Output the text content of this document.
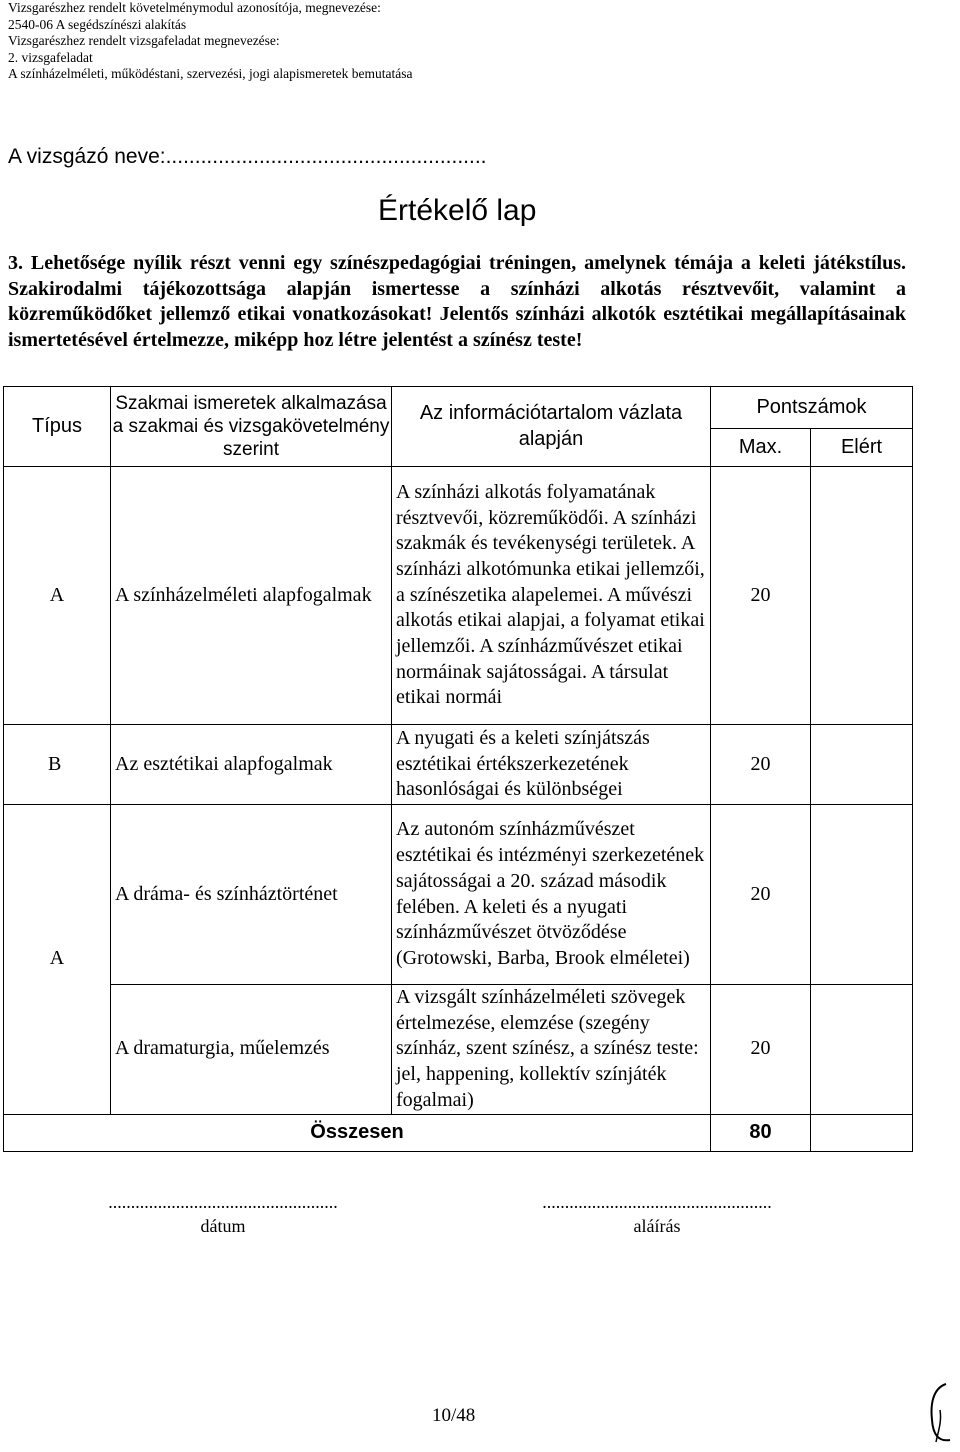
Vizsgarészhez rendelt követelménymodul azonosítója, megnevezése:
2540-06 A segédszínészi alakítás
Vizsgarészhez rendelt vizsgafeladat megnevezése:
2. vizsgafeladat
A színházelméleti, működéstani, szervezési, jogi alapismeretek bemutatása
A vizsgázó neve:.......................................................
Értékelő lap
3. Lehetősége nyílik részt venni egy színészpedagógiai tréningen, amelynek témája a keleti játékstílus. Szakirodalmi tájékozottsága alapján ismertesse a színházi alkotás résztvevőit, valamint a közreműködőket jellemző etikai vonatkozásokat! Jelentős színházi alkotók esztétikai megállapításainak ismertetésével értelmezze, miképp hoz létre jelentést a színész teste!
Típus	Szakmai ismeretek alkalmazása a szakmai és vizsgakövetelmény szerint	Az információtartalom vázlata alapján	Pontszámok	
			Max.	Elért
A	A színházelméleti alapfogalmak	A színházi alkotás folyamatának résztvevői, közreműködői. A színházi szakmák és tevékenységi területek. A színházi alkotómunka etikai jellemzői, a színészetika alapelemei. A művészi alkotás etikai alapjai, a folyamat etikai jellemzői. A színházművészet etikai normáinak sajátosságai. A társulat etikai normái	20	
B	Az esztétikai alapfogalmak	A nyugati és a keleti színjátszás esztétikai értékszerkezetének hasonlóságai és különbségei	20	
A	A dráma- és színháztörténet	Az autonóm színházművészet esztétikai és intézményi szerkezetének sajátosságai a 20. század második felében. A keleti és a nyugati színházművészet ötvöződése (Grotowski, Barba, Brook elméletei)	20	
	A dramaturgia, műelemzés	A vizsgált színházelméleti szövegek értelmezése, elemzése (szegény színház, szent színész, a színész teste: jel, happening, kollektív színjáték fogalmai)	20	
Összesen			80	
...................................................
dátum
...................................................
aláírás
10/48
